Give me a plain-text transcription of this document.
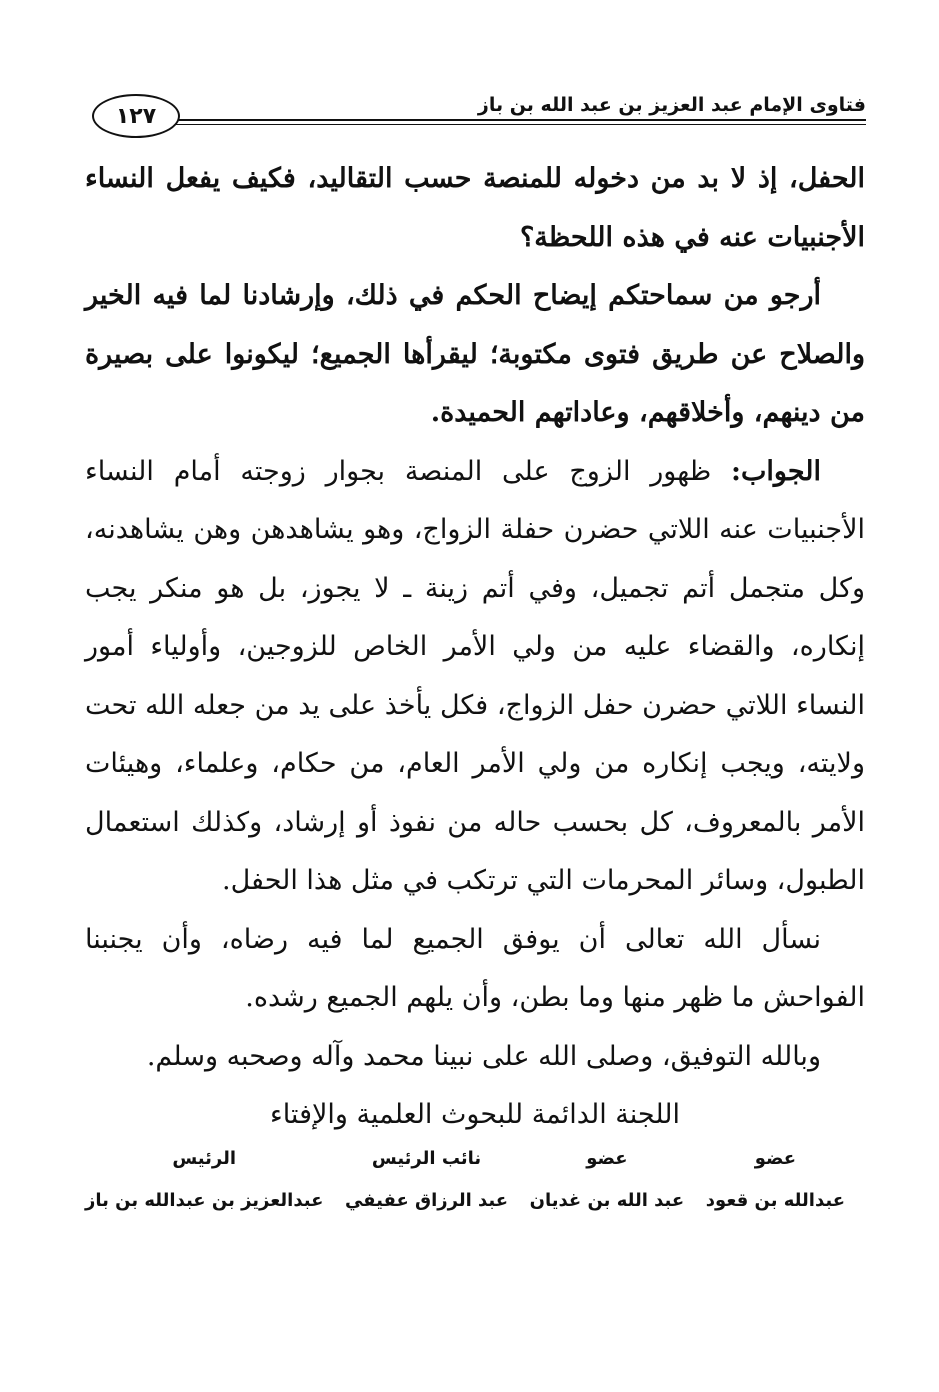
فتاوى الإمام عبد العزيز بن عبد الله بن باز
١٢٧

الحفل، إذ لا بد من دخوله للمنصة حسب التقاليد، فكيف يفعل النساء الأجنبيات عنه في هذه اللحظة؟

أرجو من سماحتكم إيضاح الحكم في ذلك، وإرشادنا لما فيه الخير والصلاح عن طريق فتوى مكتوبة؛ ليقرأها الجميع؛ ليكونوا على بصيرة من دينهم، وأخلاقهم، وعاداتهم الحميدة.

الجواب: ظهور الزوج على المنصة بجوار زوجته أمام النساء الأجنبيات عنه اللاتي حضرن حفلة الزواج، وهو يشاهدهن وهن يشاهدنه، وكل متجمل أتم تجميل، وفي أتم زينة ـ لا يجوز، بل هو منكر يجب إنكاره، والقضاء عليه من ولي الأمر الخاص للزوجين، وأولياء أمور النساء اللاتي حضرن حفل الزواج، فكل يأخذ على يد من جعله الله تحت ولايته، ويجب إنكاره من ولي الأمر العام، من حكام، وعلماء، وهيئات الأمر بالمعروف، كل بحسب حاله من نفوذ أو إرشاد، وكذلك استعمال الطبول، وسائر المحرمات التي ترتكب في مثل هذا الحفل.

نسأل الله تعالى أن يوفق الجميع لما فيه رضاه، وأن يجنبنا الفواحش ما ظهر منها وما بطن، وأن يلهم الجميع رشده.

وبالله التوفيق، وصلى الله على نبينا محمد وآله وصحبه وسلم.

اللجنة الدائمة للبحوث العلمية والإفتاء

عضو
عبدالله بن قعود
عضو
عبد الله بن غديان
نائب الرئيس
عبد الرزاق عفيفي
الرئيس
عبدالعزيز بن عبدالله بن باز
